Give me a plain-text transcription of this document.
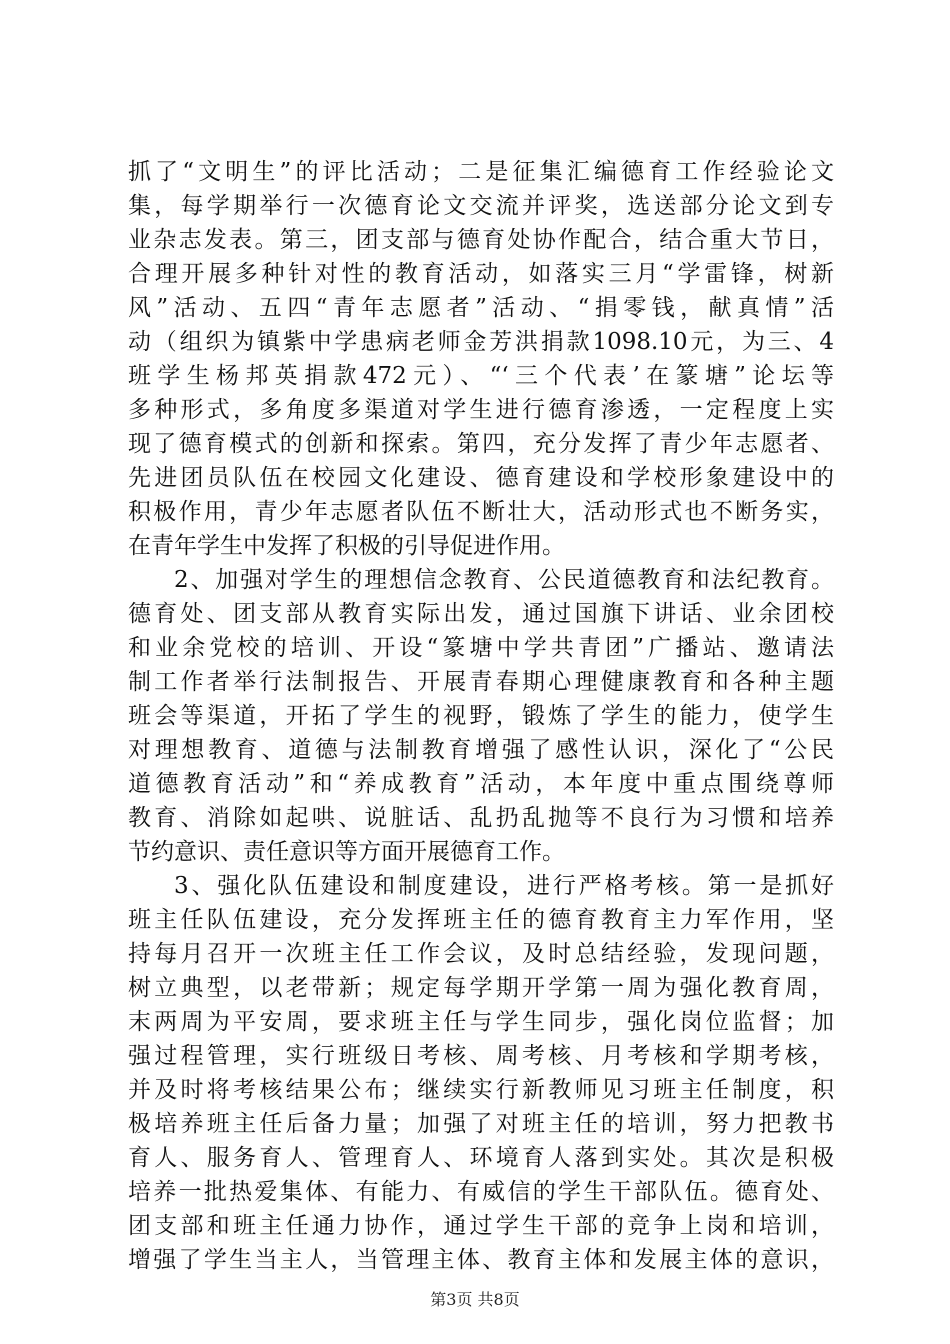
抓了“文明生”的评比活动；二是征集汇编德育工作经验论文
集，每学期举行一次德育论文交流并评奖，选送部分论文到专
业杂志发表。第三，团支部与德育处协作配合，结合重大节日，
合理开展多种针对性的教育活动，如落实三月“学雷锋，树新
风”活动、五四“青年志愿者”活动、“捐零钱，献真情”活
动（组织为镇紫中学患病老师金芳洪捐款1098.10元，为三、4
班学生杨邦英捐款472元）、“‘三个代表’在篆塘”论坛等
多种形式，多角度多渠道对学生进行德育渗透，一定程度上实
现了德育模式的创新和探索。第四，充分发挥了青少年志愿者、
先进团员队伍在校园文化建设、德育建设和学校形象建设中的
积极作用，青少年志愿者队伍不断壮大，活动形式也不断务实，
在青年学生中发挥了积极的引导促进作用。
2、加强对学生的理想信念教育、公民道德教育和法纪教育。
德育处、团支部从教育实际出发，通过国旗下讲话、业余团校
和业余党校的培训、开设“篆塘中学共青团”广播站、邀请法
制工作者举行法制报告、开展青春期心理健康教育和各种主题
班会等渠道，开拓了学生的视野，锻炼了学生的能力，使学生
对理想教育、道德与法制教育增强了感性认识，深化了“公民
道德教育活动”和“养成教育”活动，本年度中重点围绕尊师
教育、消除如起哄、说脏话、乱扔乱抛等不良行为习惯和培养
节约意识、责任意识等方面开展德育工作。
3、强化队伍建设和制度建设，进行严格考核。第一是抓好
班主任队伍建设，充分发挥班主任的德育教育主力军作用，坚
持每月召开一次班主任工作会议，及时总结经验，发现问题，
树立典型，以老带新；规定每学期开学第一周为强化教育周，
末两周为平安周，要求班主任与学生同步，强化岗位监督；加
强过程管理，实行班级日考核、周考核、月考核和学期考核，
并及时将考核结果公布；继续实行新教师见习班主任制度，积
极培养班主任后备力量；加强了对班主任的培训，努力把教书
育人、服务育人、管理育人、环境育人落到实处。其次是积极
培养一批热爱集体、有能力、有威信的学生干部队伍。德育处、
团支部和班主任通力协作，通过学生干部的竞争上岗和培训，
增强了学生当主人，当管理主体、教育主体和发展主体的意识，
第3页 共8页
